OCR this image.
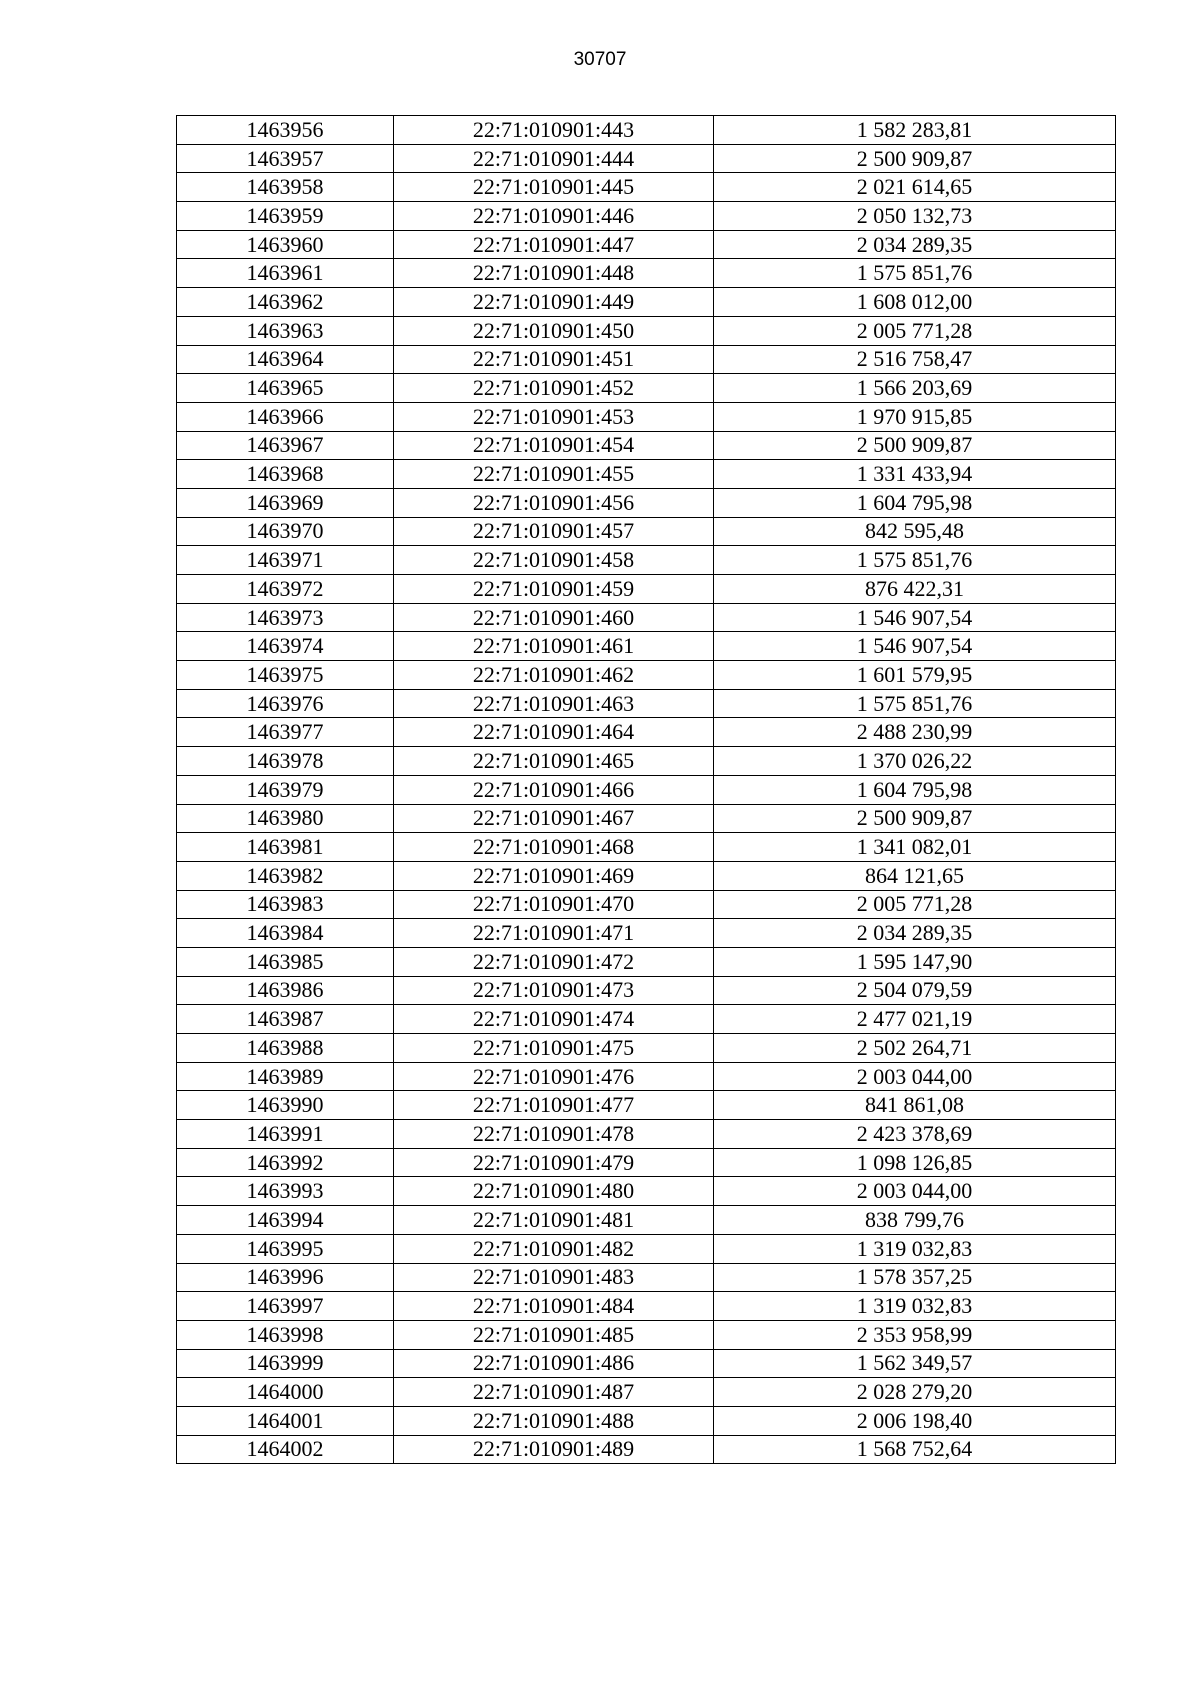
30707
1463956	22:71:010901:443	1 582 283,81
1463957	22:71:010901:444	2 500 909,87
1463958	22:71:010901:445	2 021 614,65
1463959	22:71:010901:446	2 050 132,73
1463960	22:71:010901:447	2 034 289,35
1463961	22:71:010901:448	1 575 851,76
1463962	22:71:010901:449	1 608 012,00
1463963	22:71:010901:450	2 005 771,28
1463964	22:71:010901:451	2 516 758,47
1463965	22:71:010901:452	1 566 203,69
1463966	22:71:010901:453	1 970 915,85
1463967	22:71:010901:454	2 500 909,87
1463968	22:71:010901:455	1 331 433,94
1463969	22:71:010901:456	1 604 795,98
1463970	22:71:010901:457	842 595,48
1463971	22:71:010901:458	1 575 851,76
1463972	22:71:010901:459	876 422,31
1463973	22:71:010901:460	1 546 907,54
1463974	22:71:010901:461	1 546 907,54
1463975	22:71:010901:462	1 601 579,95
1463976	22:71:010901:463	1 575 851,76
1463977	22:71:010901:464	2 488 230,99
1463978	22:71:010901:465	1 370 026,22
1463979	22:71:010901:466	1 604 795,98
1463980	22:71:010901:467	2 500 909,87
1463981	22:71:010901:468	1 341 082,01
1463982	22:71:010901:469	864 121,65
1463983	22:71:010901:470	2 005 771,28
1463984	22:71:010901:471	2 034 289,35
1463985	22:71:010901:472	1 595 147,90
1463986	22:71:010901:473	2 504 079,59
1463987	22:71:010901:474	2 477 021,19
1463988	22:71:010901:475	2 502 264,71
1463989	22:71:010901:476	2 003 044,00
1463990	22:71:010901:477	841 861,08
1463991	22:71:010901:478	2 423 378,69
1463992	22:71:010901:479	1 098 126,85
1463993	22:71:010901:480	2 003 044,00
1463994	22:71:010901:481	838 799,76
1463995	22:71:010901:482	1 319 032,83
1463996	22:71:010901:483	1 578 357,25
1463997	22:71:010901:484	1 319 032,83
1463998	22:71:010901:485	2 353 958,99
1463999	22:71:010901:486	1 562 349,57
1464000	22:71:010901:487	2 028 279,20
1464001	22:71:010901:488	2 006 198,40
1464002	22:71:010901:489	1 568 752,64
